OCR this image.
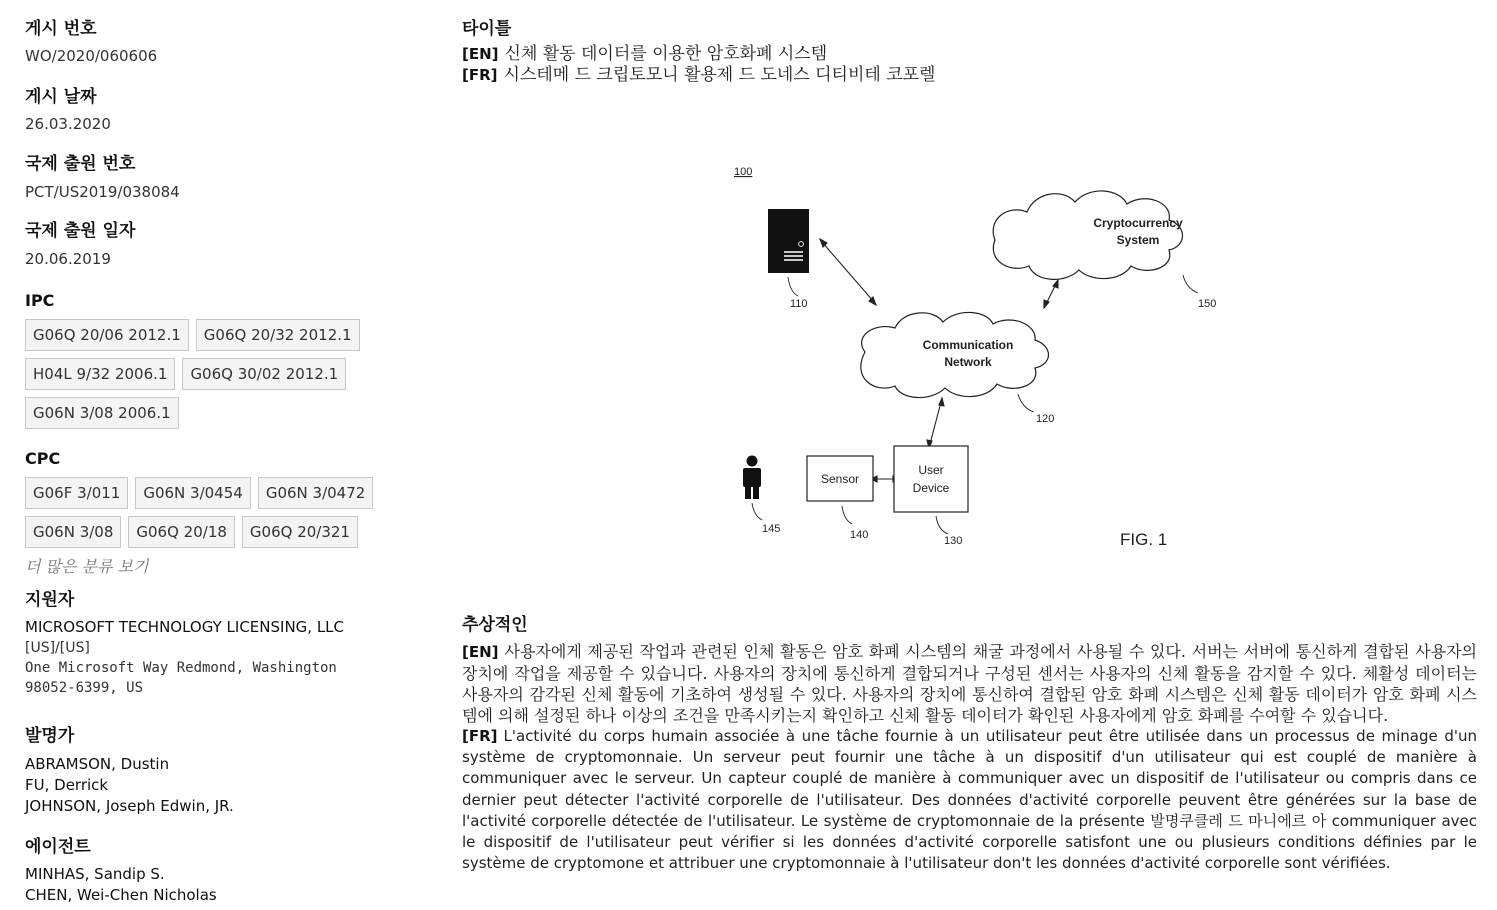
게시 번호
WO/2020/060606
게시 날짜
26.03.2020
국제 출원 번호
PCT/US2019/038084
국제 출원 일자
20.06.2019
IPC
G06Q 20/06 2012.1	G06Q 20/32 2012.1
H04L 9/32 2006.1	G06Q 30/02 2012.1
G06N 3/08 2006.1
CPC
G06F 3/011	G06N 3/0454	G06N 3/0472
G06N 3/08	G06Q 20/18	G06Q 20/321
더 많은 분류 보기
지원자
MICROSOFT TECHNOLOGY LICENSING, LLC
[US]/[US]
One Microsoft Way Redmond, Washington
98052-6399, US
발명가
ABRAMSON, Dustin
FU, Derrick
JOHNSON, Joseph Edwin, JR.
에이전트
MINHAS, Sandip S.
CHEN, Wei-Chen Nicholas
타이틀
[EN] 신체 활동 데이터를 이용한 암호화폐 시스템
[FR] 시스테메 드 크립토모니 활용제 드 도네스 디티비테 코포렐
100
110
Cryptocurrency
System
150
Communication
Network
120
145
Sensor
140
User
Device
130	FIG. 1
추상적인
[EN] 사용자에게 제공된 작업과 관련된 인체 활동은 암호 화폐 시스템의 채굴 과정에서 사용될 수 있다. 서버는 서버에 통신하게 결합된 사용자의 장치에 작업을 제공할 수 있습니다. 사용자의 장치에 통신하게 결합되거나 구성된 센서는 사용자의 신체 활동을 감지할 수 있다. 체활성 데이터는 사용자의 감각된 신체 활동에 기초하여 생성될 수 있다. 사용자의 장치에 통신하여 결합된 암호 화폐 시스템은 신체 활동 데이터가 암호 화폐 시스템에 의해 설정된 하나 이상의 조건을 만족시키는지 확인하고 신체 활동 데이터가 확인된 사용자에게 암호 화폐를 수여할 수 있습니다.
[FR] L'activité du corps humain associée à une tâche fournie à un utilisateur peut être utilisée dans un processus de minage d'un système de cryptomonnaie. Un serveur peut fournir une tâche à un dispositif d'un utilisateur qui est couplé de manière à communiquer avec le serveur. Un capteur couplé de manière à communiquer avec un dispositif de l'utilisateur ou compris dans ce dernier peut détecter l'activité corporelle de l'utilisateur. Des données d'activité corporelle peuvent être générées sur la base de l'activité corporelle détectée de l'utilisateur. Le système de cryptomonnaie de la présente 발명쿠클레 드 마니에르 아 communiquer avec le dispositif de l'utilisateur peut vérifier si les données d'activité corporelle satisfont une ou plusieurs conditions définies par le système de cryptomone et attribuer une cryptomonnaie à l'utilisateur don't les données d'activité corporelle sont vérifiées.
